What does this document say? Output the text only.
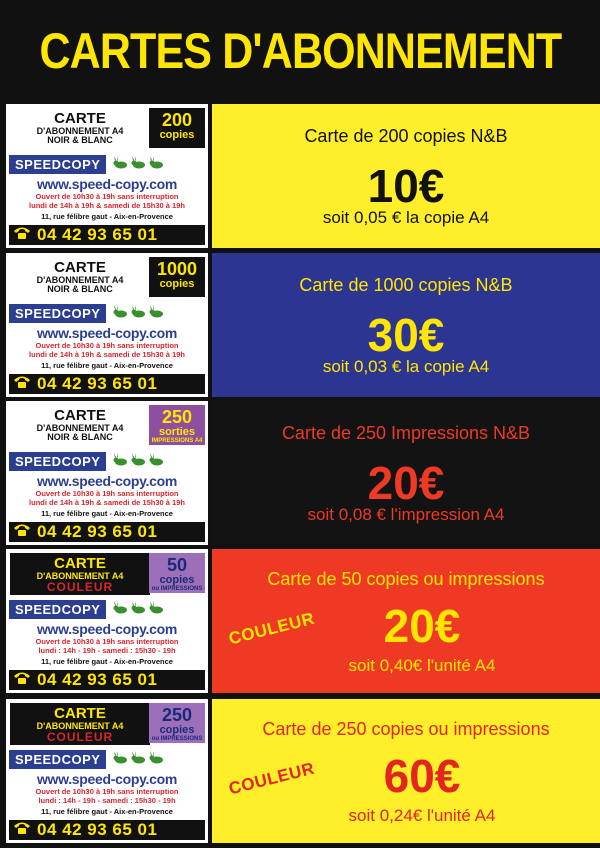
CARTES D'ABONNEMENT
CARTE
D'ABONNEMENT A4
NOIR & BLANC
200
copies
SPEEDCOPY
www.speed-copy.com
Ouvert de 10h30 à 19h sans interruption
lundi de 14h à 19h & samedi de 15h30 à 19h
11, rue félibre gaut - Aix-en-Provence
04 42 93 65 01
Carte de 200 copies N&B
10€
soit 0,05 € la copie A4
CARTE
D'ABONNEMENT A4
NOIR & BLANC
1000
copies
SPEEDCOPY
www.speed-copy.com
Ouvert de 10h30 à 19h sans interruption
lundi de 14h à 19h & samedi de 15h30 à 19h
11, rue félibre gaut - Aix-en-Provence
04 42 93 65 01
Carte de 1000 copies N&B
30€
soit 0,03 € la copie A4
CARTE
D'ABONNEMENT A4
NOIR & BLANC
250
sorties
IMPRESSIONS A4
SPEEDCOPY
www.speed-copy.com
Ouvert de 10h30 à 19h sans interruption
lundi de 14h à 19h & samedi de 15h30 à 19h
11, rue félibre gaut - Aix-en-Provence
04 42 93 65 01
Carte de 250 Impressions N&B
20€
soit 0,08 € l'impression A4
CARTE
D'ABONNEMENT A4
COULEUR
50
copies
ou IMPRESSIONS
SPEEDCOPY
www.speed-copy.com
Ouvert de 10h30 à 19h sans interruption
lundi : 14h - 19h - samedi : 15h30 - 19h
11, rue félibre gaut - Aix-en-Provence
04 42 93 65 01
Carte de 50 copies ou impressions
20€
soit 0,40€ l'unité A4
COULEUR
CARTE
D'ABONNEMENT A4
COULEUR
250
copies
ou IMPRESSIONS
SPEEDCOPY
www.speed-copy.com
Ouvert de 10h30 à 19h sans interruption
lundi : 14h - 19h - samedi : 15h30 - 19h
11, rue félibre gaut - Aix-en-Provence
04 42 93 65 01
Carte de 250 copies ou impressions
60€
soit 0,24€ l'unité A4
COULEUR
